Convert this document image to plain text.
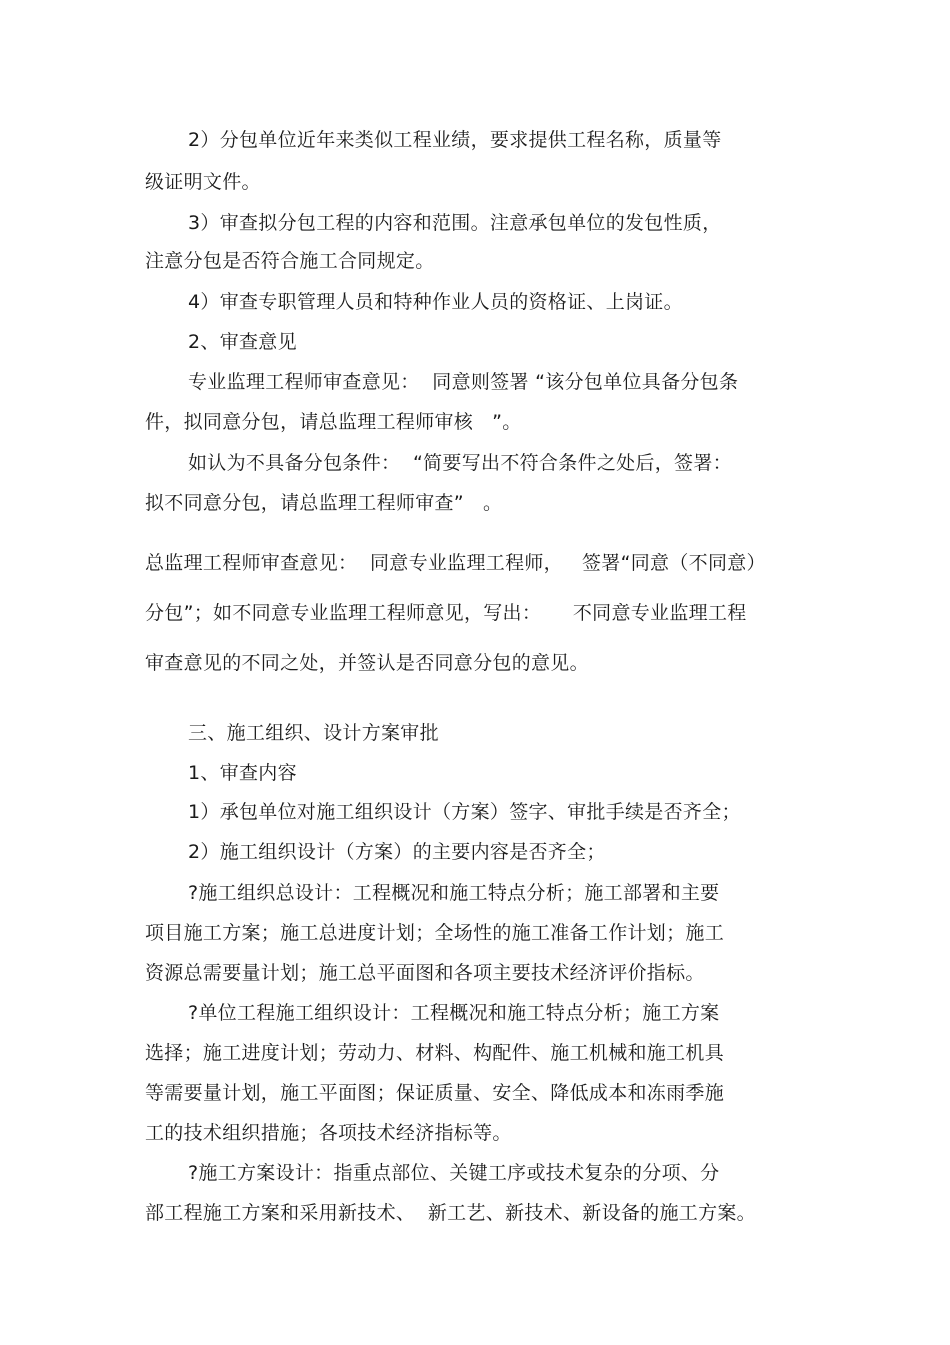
2）分包单位近年来类似工程业绩，要求提供工程名称，质量等
级证明文件。
3）审查拟分包工程的内容和范围。注意承包单位的发包性质，
注意分包是否符合施工合同规定。
4）审查专职管理人员和特种作业人员的资格证、上岗证。
2、审查意见
专业监理工程师审查意见：  同意则签署 “该分包单位具备分包条
件，拟同意分包，请总监理工程师审核   ”。
如认为不具备分包条件：  “简要写出不符合条件之处后，签署：
拟不同意分包，请总监理工程师审查”   。
总监理工程师审查意见：  同意专业监理工程师，   签署“同意（不同意）
分包”；如不同意专业监理工程师意见，写出：     不同意专业监理工程
审查意见的不同之处，并签认是否同意分包的意见。
三、施工组织、设计方案审批
1、审查内容
1）承包单位对施工组织设计（方案）签字、审批手续是否齐全；
2）施工组织设计（方案）的主要内容是否齐全；
?施工组织总设计：工程概况和施工特点分析；施工部署和主要
项目施工方案；施工总进度计划；全场性的施工准备工作计划；施工
资源总需要量计划；施工总平面图和各项主要技术经济评价指标。
?单位工程施工组织设计：工程概况和施工特点分析；施工方案
选择；施工进度计划；劳动力、材料、构配件、施工机械和施工机具
等需要量计划，施工平面图；保证质量、安全、降低成本和冻雨季施
工的技术组织措施；各项技术经济指标等。
?施工方案设计：指重点部位、关键工序或技术复杂的分项、分
部工程施工方案和采用新技术、  新工艺、新技术、新设备的施工方案。
